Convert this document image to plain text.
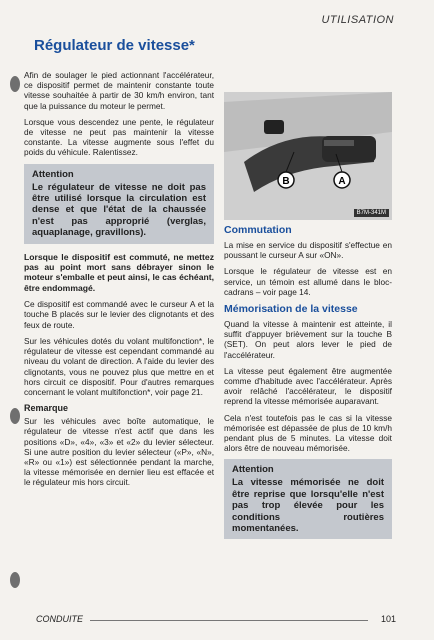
UTILISATION
Régulateur de vitesse*

Afin de soulager le pied actionnant l'accélérateur, ce dispositif permet de maintenir constante toute vitesse souhaitée à partir de 30 km/h environ, tant que la puissance du moteur le permet.

Lorsque vous descendez une pente, le régulateur de vitesse ne peut pas maintenir la vitesse constante. La vitesse augmente sous l'effet du poids du véhicule. Ralentissez.

Attention
Le régulateur de vitesse ne doit pas être utilisé lorsque la circulation est dense et que l'état de la chaussée n'est pas approprié (verglas, aquaplanage, gravillons).

Lorsque le dispositif est commuté, ne mettez pas au point mort sans débrayer sinon le moteur s'emballe et peut ainsi, le cas échéant, être endommagé.

Ce dispositif est commandé avec le curseur A et la touche B placés sur le levier des clignotants et des feux de route.

Sur les véhicules dotés du volant multifonction*, le régulateur de vitesse est cependant commandé au niveau du volant de direction. A l'aide du levier des clignotants, vous ne pouvez plus que mettre en et hors circuit ce dispositif. Pour d'autres remarques concernant le volant multifonction*, voir page 21.

Remarque

Sur les véhicules avec boîte automatique, le régulateur de vitesse n'est actif que dans les positions «D», «4», «3» et «2» du levier sélecteur. Si une autre position du levier sélecteur («P», «N», «R» ou «1») est sélectionnée pendant la marche, la vitesse mémorisée en dernier lieu est effacée et le régulateur mis hors circuit.

B	A
B7M-341M
Commutation

La mise en service du dispositif s'effectue en poussant le curseur A sur «ON».

Lorsque le régulateur de vitesse est en service, un témoin est allumé dans le bloc-cadrans – voir page 14.

Mémorisation de la vitesse

Quand la vitesse à maintenir est atteinte, il suffit d'appuyer brièvement sur la touche B (SET). On peut alors lever le pied de l'accélérateur.

La vitesse peut également être augmentée comme d'habitude avec l'accélérateur. Après avoir relâché l'accélérateur, le dispositif reprend la vitesse mémorisée auparavant.

Cela n'est toutefois pas le cas si la vitesse mémorisée est dépassée de plus de 10 km/h pendant plus de 5 minutes. La vitesse doit alors être de nouveau mémorisée.

Attention
La vitesse mémorisée ne doit être reprise que lorsqu'elle n'est pas trop élevée pour les conditions routières momentanées.
CONDUITE	101
